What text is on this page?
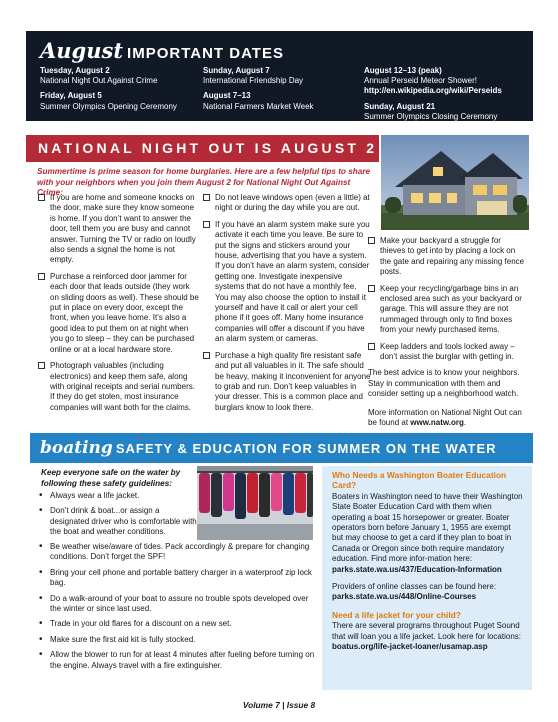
August IMPORTANT DATES
Tuesday, August 2
National Night Out Against Crime
Friday, August 5
Summer Olympics Opening Ceremony
Sunday, August 7
International Friendship Day
August 7–13
National Farmers Market Week
August 12–13 (peak)
Annual Perseid Meteor Shower!
http://en.wikipedia.org/wiki/Perseids
Sunday, August 21
Summer Olympics Closing Ceremony
NATIONAL NIGHT OUT IS AUGUST 2
Summertime is prime season for home burglaries. Here are a few helpful tips to share with your neighbors when you join them August 2 for National Night Out Against Crime:
If you are home and someone knocks on the door, make sure they know someone is home. If you don’t want to answer the door, tell them you are busy and cannot answer. Turning the TV or radio on loudly also sends a signal the home is not empty.
Purchase a reinforced door jammer for each door that leads outside (they work on sliding doors as well). These should be put in place on every door, except the front, when you leave home. It’s also a good idea to put them on at night when you go to sleep – they can be purchased online or at a local hardware store.
Photograph valuables (including electronics) and keep them safe, along with original receipts and serial numbers. If they do get stolen, most insurance companies will want both for the claims.
Do not leave windows open (even a little) at night or during the day while you are out.
If you have an alarm system make sure you activate it each time you leave. Be sure to put the signs and stickers around your house, advertising that you have a system. If you don’t have an alarm system, consider getting one. Investigate inexpensive systems that do not have a monthly fee. You may also choose the option to install it yourself and have it call or alert your cell phone if it goes off. Many home insurance companies will offer a discount if you have an alarm system or cameras.
Purchase a high quality fire resistant safe and put all valuables in it. The safe should be heavy, making it inconvenient for anyone to grab and run. Don’t keep valuables in your dresser. This is a common place and burglars know to look there.
Make your backyard a struggle for thieves to get into by placing a lock on the gate and repairing any missing fence posts.
Keep your recycling/garbage bins in an enclosed area such as your backyard or garage. This will assure they are not rummaged through only to find boxes from your newly purchased items.
Keep ladders and tools locked away – don’t assist the burglar with getting in.
The best advice is to know your neighbors. Stay in communication with them and consider setting up a neighborhood watch.
More information on National Night Out can be found at www.natw.org.
boating SAFETY & EDUCATION FOR SUMMER ON THE WATER
Keep everyone safe on the water by following these safety guidelines:
• Always wear a life jacket.
• Don’t drink & boat...or assign a designated driver who is comfortable with the boat and weather conditions.
• Be weather wise/aware of tides. Pack accordingly & prepare for changing conditions. Don’t forget the SPF!
• Bring your cell phone and portable battery charger in a waterproof zip lock bag.
• Do a walk-around of your boat to assure no trouble spots developed over the winter or since last used.
• Trade in your old flares for a discount on a new set.
• Make sure the first aid kit is fully stocked.
• Allow the blower to run for at least 4 minutes after fueling before turning on the engine. Always travel with a fire extinguisher.
Who Needs a Washington Boater Education Card?
Boaters in Washington need to have their Washington State Boater Education Card with them when operating a boat 15 horsepower or greater. Boater operators born before January 1, 1955 are exempt but may choose to get a card if they plan to boat in Canada or Oregon since both require mandatory education. Find more infor-mation here:
parks.state.wa.us/437/Education-Information
Providers of online classes can be found here:
parks.state.wa.us/448/Online-Courses
Need a life jacket for your child?
There are several programs throughout Puget Sound that will loan you a life jacket. Look here for locations:
boatus.org/life-jacket-loaner/usamap.asp
Volume 7 | Issue 8
